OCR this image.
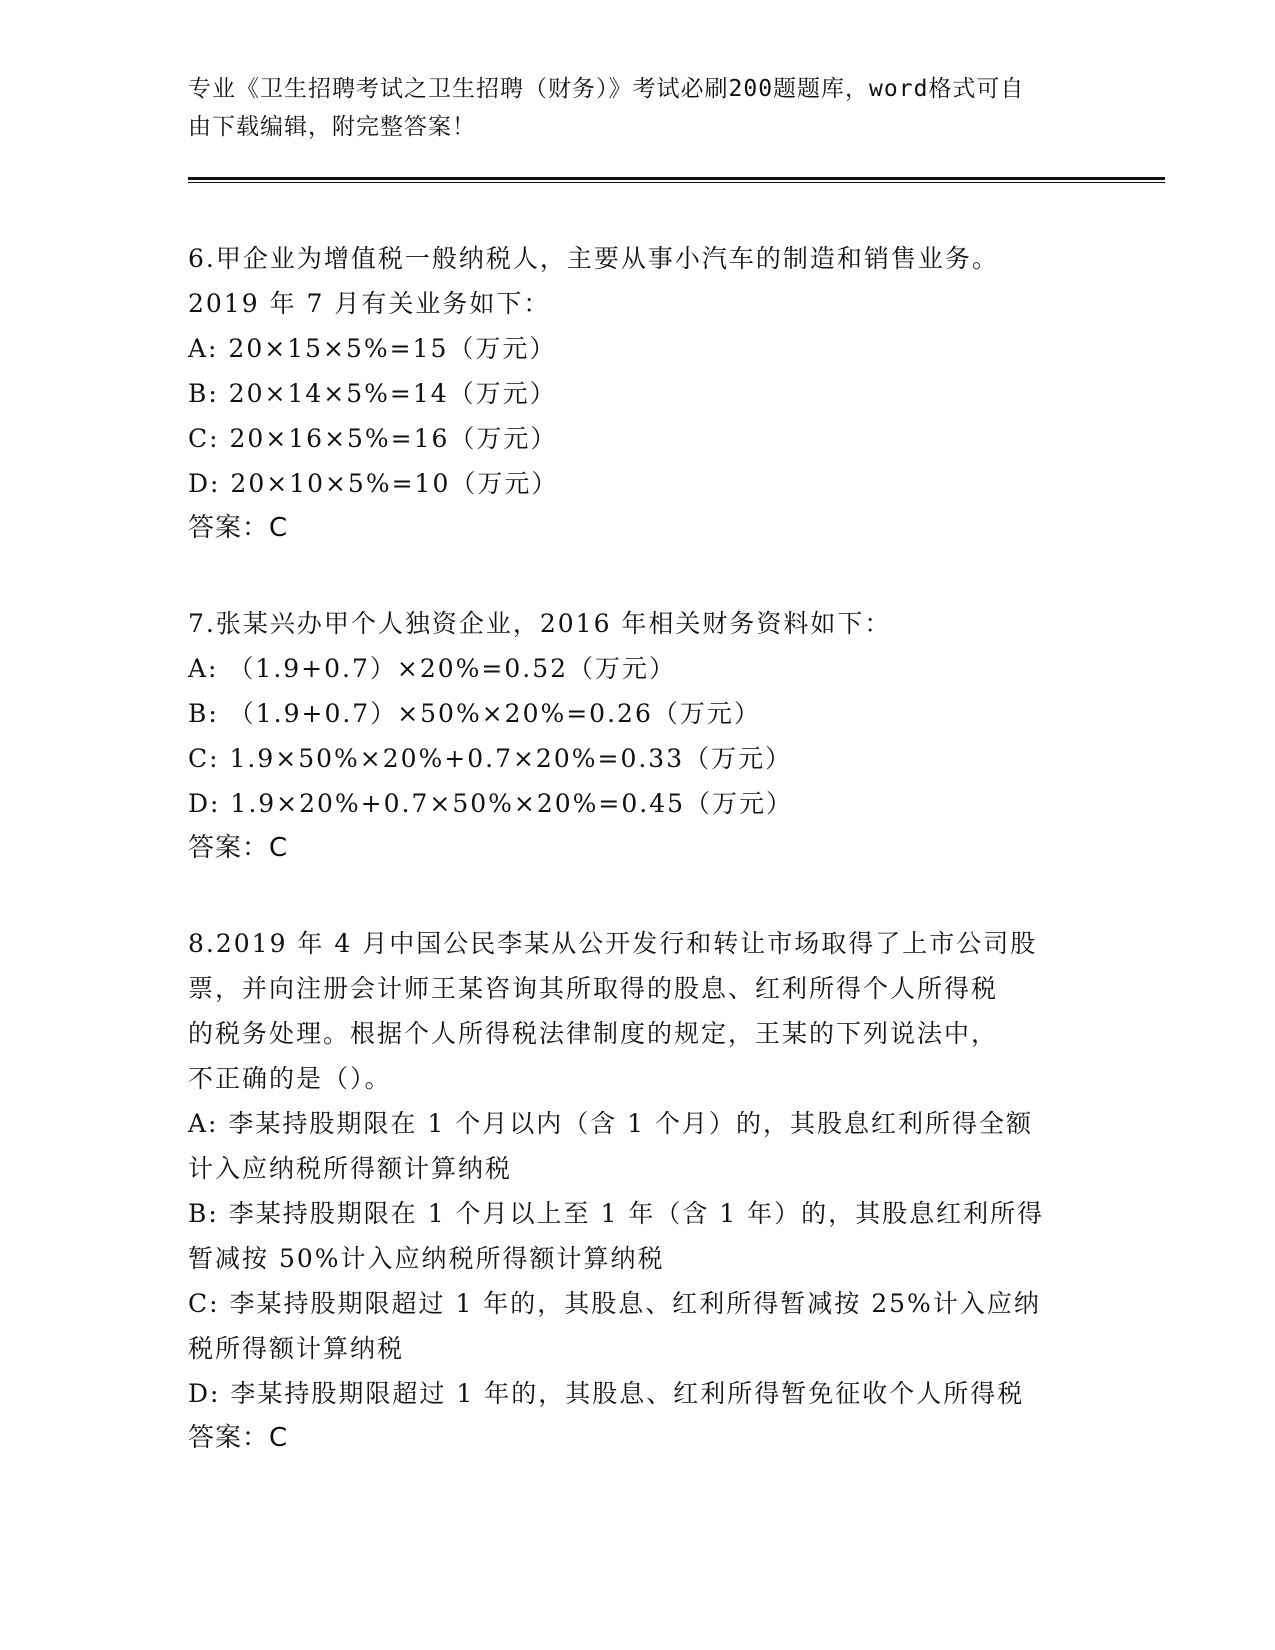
专业《卫生招聘考试之卫生招聘（财务）》考试必刷200题题库，word格式可自
由下载编辑，附完整答案！
6.甲企业为增值税一般纳税人，主要从事小汽车的制造和销售业务。
2019 年 7 月有关业务如下：
A: 20×15×5%=15（万元）
B: 20×14×5%=14（万元）
C: 20×16×5%=16（万元）
D: 20×10×5%=10（万元）
答案：C
7.张某兴办甲个人独资企业，2016 年相关财务资料如下：
A: （1.9+0.7）×20%=0.52（万元）
B: （1.9+0.7）×50%×20%=0.26（万元）
C: 1.9×50%×20%+0.7×20%=0.33（万元）
D: 1.9×20%+0.7×50%×20%=0.45（万元）
答案：C
8.2019 年 4 月中国公民李某从公开发行和转让市场取得了上市公司股
票，并向注册会计师王某咨询其所取得的股息、红利所得个人所得税
的税务处理。根据个人所得税法律制度的规定，王某的下列说法中，
不正确的是（）。
A: 李某持股期限在 1 个月以内（含 1 个月）的，其股息红利所得全额
计入应纳税所得额计算纳税
B: 李某持股期限在 1 个月以上至 1 年（含 1 年）的，其股息红利所得
暂减按 50%计入应纳税所得额计算纳税
C: 李某持股期限超过 1 年的，其股息、红利所得暂减按 25%计入应纳
税所得额计算纳税
D: 李某持股期限超过 1 年的，其股息、红利所得暂免征收个人所得税
答案：C
